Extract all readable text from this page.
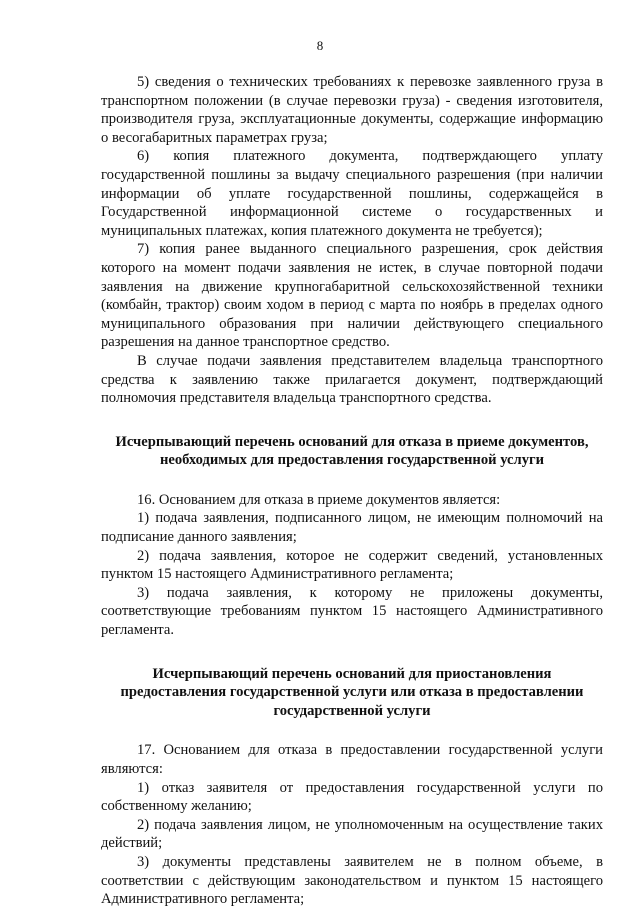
8

5) сведения о технических требованиях к перевозке заявленного груза в транспортном положении (в случае перевозки груза) - сведения изготовителя, производителя груза, эксплуатационные документы, содержащие информацию о весогабаритных параметрах груза;

6) копия платежного документа, подтверждающего уплату государственной пошлины за выдачу специального разрешения (при наличии информации об уплате государственной пошлины, содержащейся в Государственной информационной системе о государственных и муниципальных платежах, копия платежного документа не требуется);

7) копия ранее выданного специального разрешения, срок действия которого на момент подачи заявления не истек, в случае повторной подачи заявления на движение крупногабаритной сельскохозяйственной техники (комбайн, трактор) своим ходом в период с марта по ноябрь в пределах одного муниципального образования при наличии действующего специального разрешения на данное транспортное средство.

В случае подачи заявления представителем владельца транспортного средства к заявлению также прилагается документ, подтверждающий полномочия представителя владельца транспортного средства.

Исчерпывающий перечень оснований для отказа в приеме документов, необходимых для предоставления государственной услуги

16. Основанием для отказа в приеме документов является:

1) подача заявления, подписанного лицом, не имеющим полномочий на подписание данного заявления;

2) подача заявления, которое не содержит сведений, установленных пунктом 15 настоящего Административного регламента;

3) подача заявления, к которому не приложены документы, соответствующие требованиям пунктом 15 настоящего Административного регламента.

Исчерпывающий перечень оснований для приостановления предоставления государственной услуги или отказа в предоставлении государственной услуги

17. Основанием для отказа в предоставлении государственной услуги являются:

1) отказ заявителя от предоставления государственной услуги по собственному желанию;

2) подача заявления лицом, не уполномоченным на осуществление таких действий;

3) документы представлены заявителем не в полном объеме, в соответствии с действующим законодательством и пунктом 15 настоящего Административного регламента;
